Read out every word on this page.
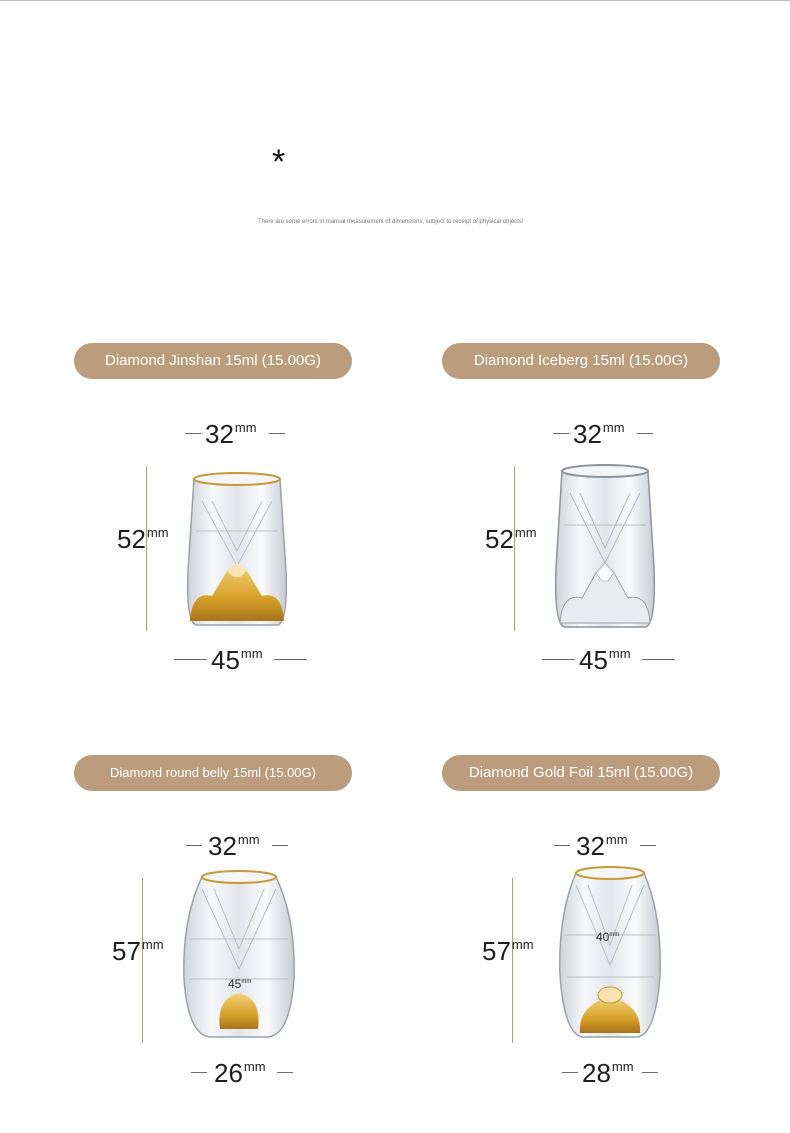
*
There are some errors in manual measurement of dimensions, subject to receipt of physical objects!
Diamond Jinshan 15ml (15.00G)
$32^{mm}$
$52^{mm}$
$45^{mm}$
Diamond Iceberg 15ml (15.00G)
$32^{mm}$
$52^{mm}$
$45^{mm}$
Diamond round belly 15ml (15.00G)
$32^{mm}$
$57^{mm}$
$45^{mm}$
$26^{mm}$
Diamond Gold Foil 15ml (15.00G)
$32^{mm}$
$57^{mm}$	$40^{mm}$
$28^{mm}$
